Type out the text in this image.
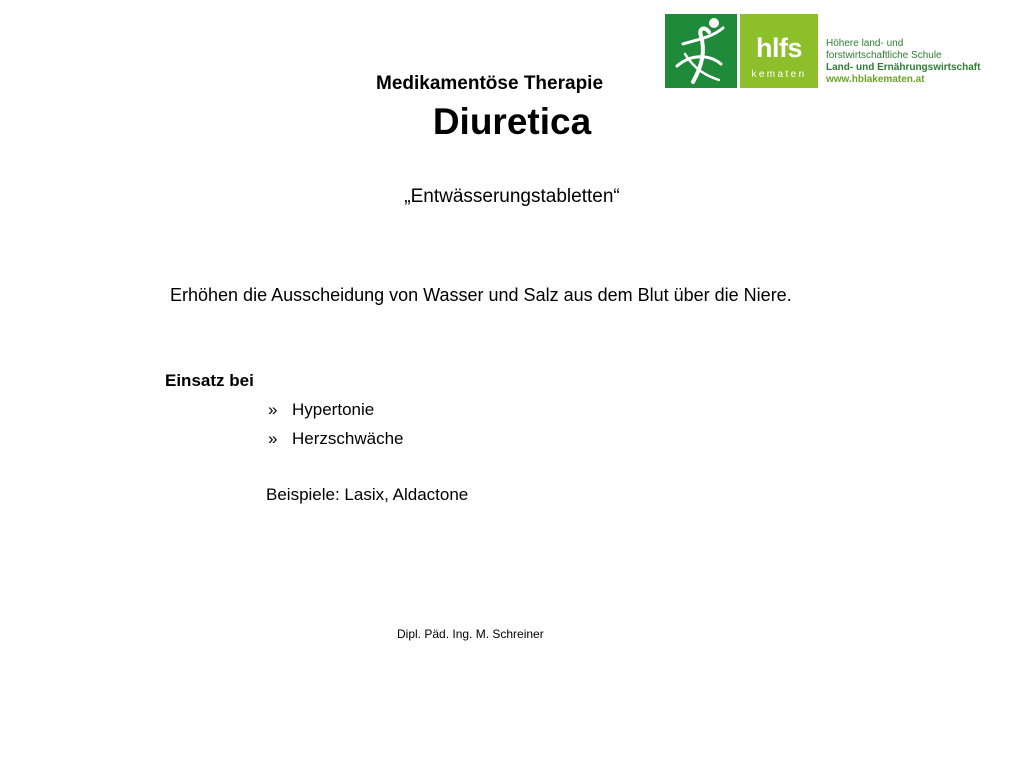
hlfs
kematen
Höhere land- und
forstwirtschaftliche Schule
Land- und Ernährungswirtschaft
www.hblakematen.at
Medikamentöse Therapie
Diuretica
„Entwässerungstabletten“
Erhöhen die Ausscheidung von Wasser und Salz aus dem Blut über die Niere.
Einsatz bei
» Hypertonie
» Herzschwäche
Beispiele: Lasix, Aldactone
Dipl. Päd. Ing. M. Schreiner
